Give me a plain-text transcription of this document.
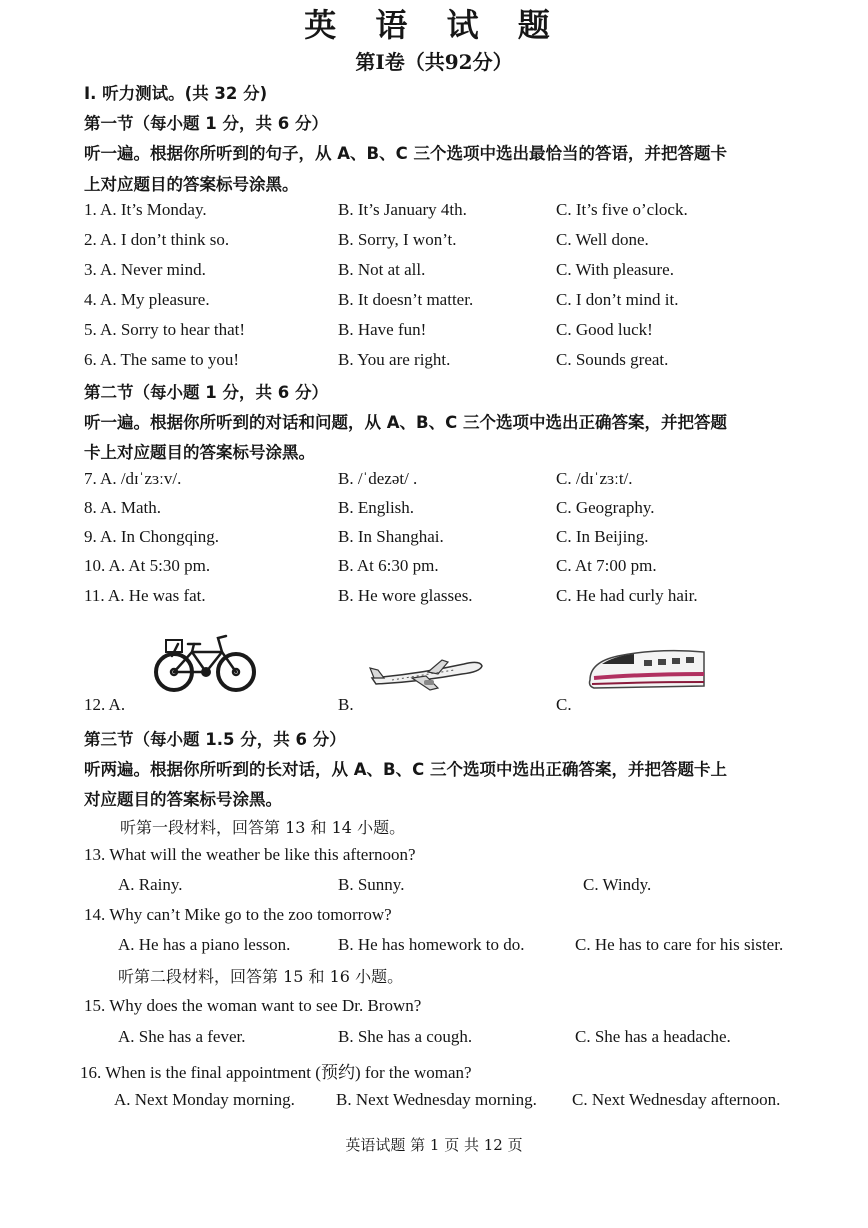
英 语 试 题
第Ⅰ卷（共92分）
Ⅰ. 听力测试。(共 32 分)
第一节（每小题 1 分，共 6 分）
听一遍。根据你所听到的句子，从 A、B、C 三个选项中选出最恰当的答语，并把答题卡
上对应题目的答案标号涂黑。
1. A. It’s Monday.	B. It’s January 4th.	C. It’s five o’clock.
2. A. I don’t think so.	B. Sorry, I won’t.	C. Well done.
3. A. Never mind.	B. Not at all.	C. With pleasure.
4. A. My pleasure.	B. It doesn’t matter.	C. I don’t mind it.
5. A. Sorry to hear that!	B. Have fun!	C. Good luck!
6. A. The same to you!	B. You are right.	C. Sounds great.
第二节（每小题 1 分，共 6 分）
听一遍。根据你所听到的对话和问题，从 A、B、C 三个选项中选出正确答案，并把答题
卡上对应题目的答案标号涂黑。
7. A. /dɪˈzɜːv/.	B. /ˈdezət/ .	C. /dɪˈzɜːt/.
8. A. Math.	B. English.	C. Geography.
9. A. In Chongqing.	B. In Shanghai.	C. In Beijing.
10. A. At 5:30 pm.	B. At 6:30 pm.	C. At 7:00 pm.
11. A. He was fat.	B. He wore glasses.	C. He had curly hair.
12. A.	B.	C.
第三节（每小题 1.5 分，共 6 分）
听两遍。根据你所听到的长对话，从 A、B、C 三个选项中选出正确答案，并把答题卡上
对应题目的答案标号涂黑。
听第一段材料，回答第 13 和 14 小题。
13. What will the weather be like this afternoon?
A. Rainy.	B. Sunny.	C. Windy.
14. Why can’t Mike go to the zoo tomorrow?
A. He has a piano lesson.	B. He has homework to do.	C. He has to care for his sister.
听第二段材料，回答第 15 和 16 小题。
15. Why does the woman want to see Dr. Brown?
A. She has a fever.	B. She has a cough.	C. She has a headache.
16. When is the final appointment (预约) for the woman?
A. Next Monday morning. B. Next Wednesday morning. C. Next Wednesday afternoon.
英语试题 第 1 页 共 12 页
